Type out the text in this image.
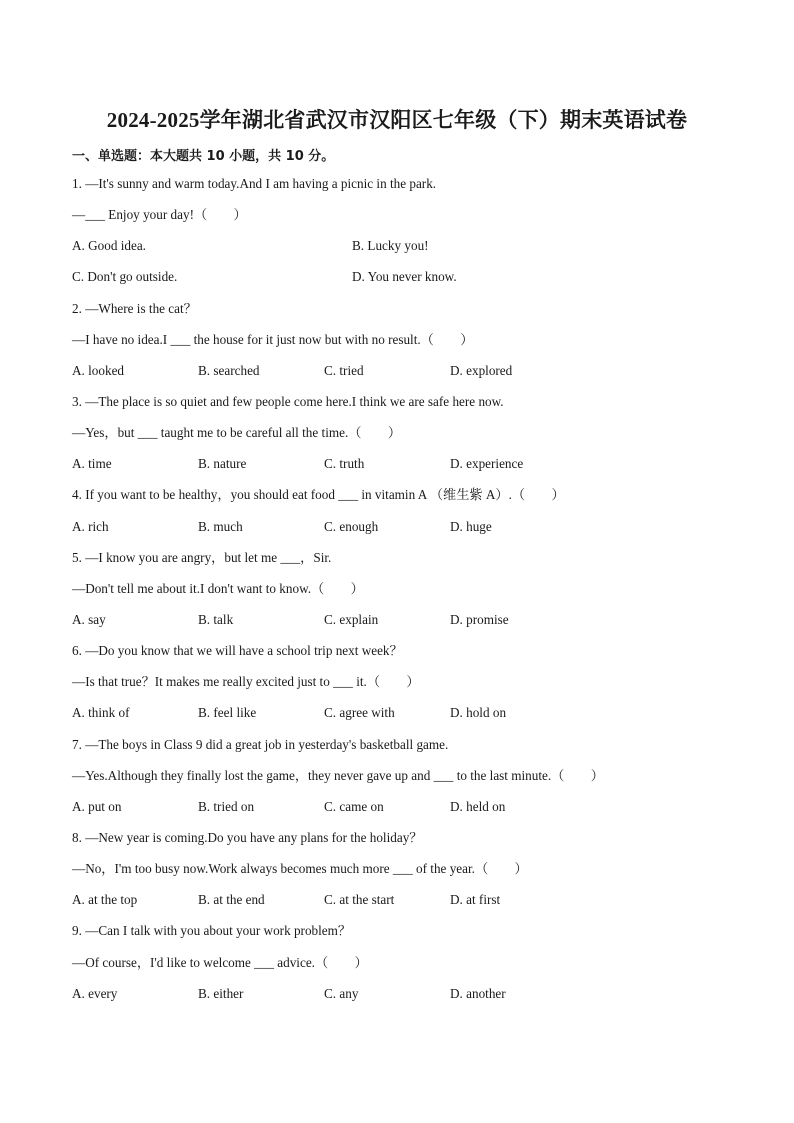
2024-2025学年湖北省武汉市汉阳区七年级（下）期末英语试卷
一、单选题：本大题共 10 小题，共 10 分。
1. —It's sunny and warm today.And I am having a picnic in the park.
—___ Enjoy your day!（　　）
A. Good idea.	B. Lucky you!
C. Don't go outside.	D. You never know.
2. —Where is the cat？
—I have no idea.I ___ the house for it just now but with no result.（　　）
A. looked	B. searched	C. tried	D. explored
3. —The place is so quiet and few people come here.I think we are safe here now.
—Yes，but ___ taught me to be careful all the time.（　　）
A. time	B. nature	C. truth	D. experience
4. If you want to be healthy，you should eat food ___ in vitamin A （维生紫 A）.（　　）
A. rich	B. much	C. enough	D. huge
5. —I know you are angry，but let me ___，Sir.
—Don't tell me about it.I don't want to know.（　　）
A. say	B. talk	C. explain	D. promise
6. —Do you know that we will have a school trip next week？
—Is that true？It makes me really excited just to ___ it.（　　）
A. think of	B. feel like	C. agree with	D. hold on
7. —The boys in Class 9 did a great job in yesterday's basketball game.
—Yes.Although they finally lost the game，they never gave up and ___ to the last minute.（　　）
A. put on	B. tried on	C. came on	D. held on
8. —New year is coming.Do you have any plans for the holiday？
—No，I'm too busy now.Work always becomes much more ___ of the year.（　　）
A. at the top	B. at the end	C. at the start	D. at first
9. —Can I talk with you about your work problem？
—Of course，I'd like to welcome ___ advice.（　　）
A. every	B. either	C. any	D. another
